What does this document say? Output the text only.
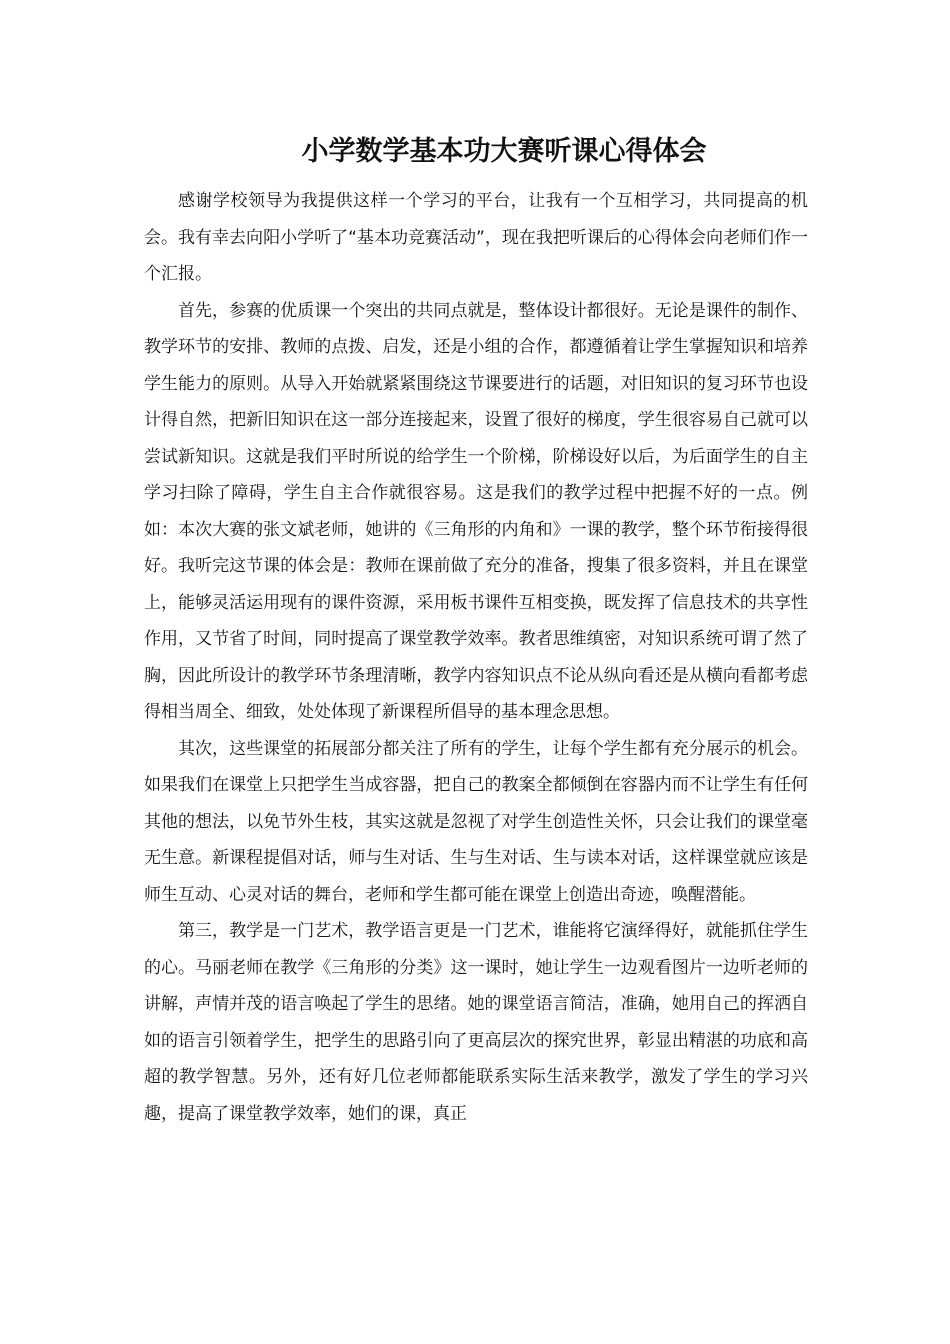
小学数学基本功大赛听课心得体会

感谢学校领导为我提供这样一个学习的平台，让我有一个互相学习，共同提高的机会。我有幸去向阳小学听了“基本功竞赛活动”，现在我把听课后的心得体会向老师们作一个汇报。

首先，参赛的优质课一个突出的共同点就是，整体设计都很好。无论是课件的制作、教学环节的安排、教师的点拨、启发，还是小组的合作，都遵循着让学生掌握知识和培养学生能力的原则。从导入开始就紧紧围绕这节课要进行的话题，对旧知识的复习环节也设计得自然，把新旧知识在这一部分连接起来，设置了很好的梯度，学生很容易自己就可以尝试新知识。这就是我们平时所说的给学生一个阶梯，阶梯设好以后，为后面学生的自主学习扫除了障碍，学生自主合作就很容易。这是我们的教学过程中把握不好的一点。例如：本次大赛的张文斌老师，她讲的《三角形的内角和》一课的教学，整个环节衔接得很好。我听完这节课的体会是：教师在课前做了充分的准备，搜集了很多资料，并且在课堂上，能够灵活运用现有的课件资源，采用板书课件互相变换，既发挥了信息技术的共享性作用，又节省了时间，同时提高了课堂教学效率。教者思维缜密，对知识系统可谓了然了胸，因此所设计的教学环节条理清晰，教学内容知识点不论从纵向看还是从横向看都考虑得相当周全、细致，处处体现了新课程所倡导的基本理念思想。

其次，这些课堂的拓展部分都关注了所有的学生，让每个学生都有充分展示的机会。如果我们在课堂上只把学生当成容器，把自己的教案全都倾倒在容器内而不让学生有任何其他的想法，以免节外生枝，其实这就是忽视了对学生创造性关怀，只会让我们的课堂毫无生意。新课程提倡对话，师与生对话、生与生对话、生与读本对话，这样课堂就应该是师生互动、心灵对话的舞台，老师和学生都可能在课堂上创造出奇迹，唤醒潜能。

第三，教学是一门艺术，教学语言更是一门艺术，谁能将它演绎得好，就能抓住学生的心。马丽老师在教学《三角形的分类》这一课时，她让学生一边观看图片一边听老师的讲解，声情并茂的语言唤起了学生的思绪。她的课堂语言简洁，准确，她用自己的挥洒自如的语言引领着学生，把学生的思路引向了更高层次的探究世界，彰显出精湛的功底和高超的教学智慧。另外，还有好几位老师都能联系实际生活来教学，激发了学生的学习兴趣，提高了课堂教学效率，她们的课，真正
